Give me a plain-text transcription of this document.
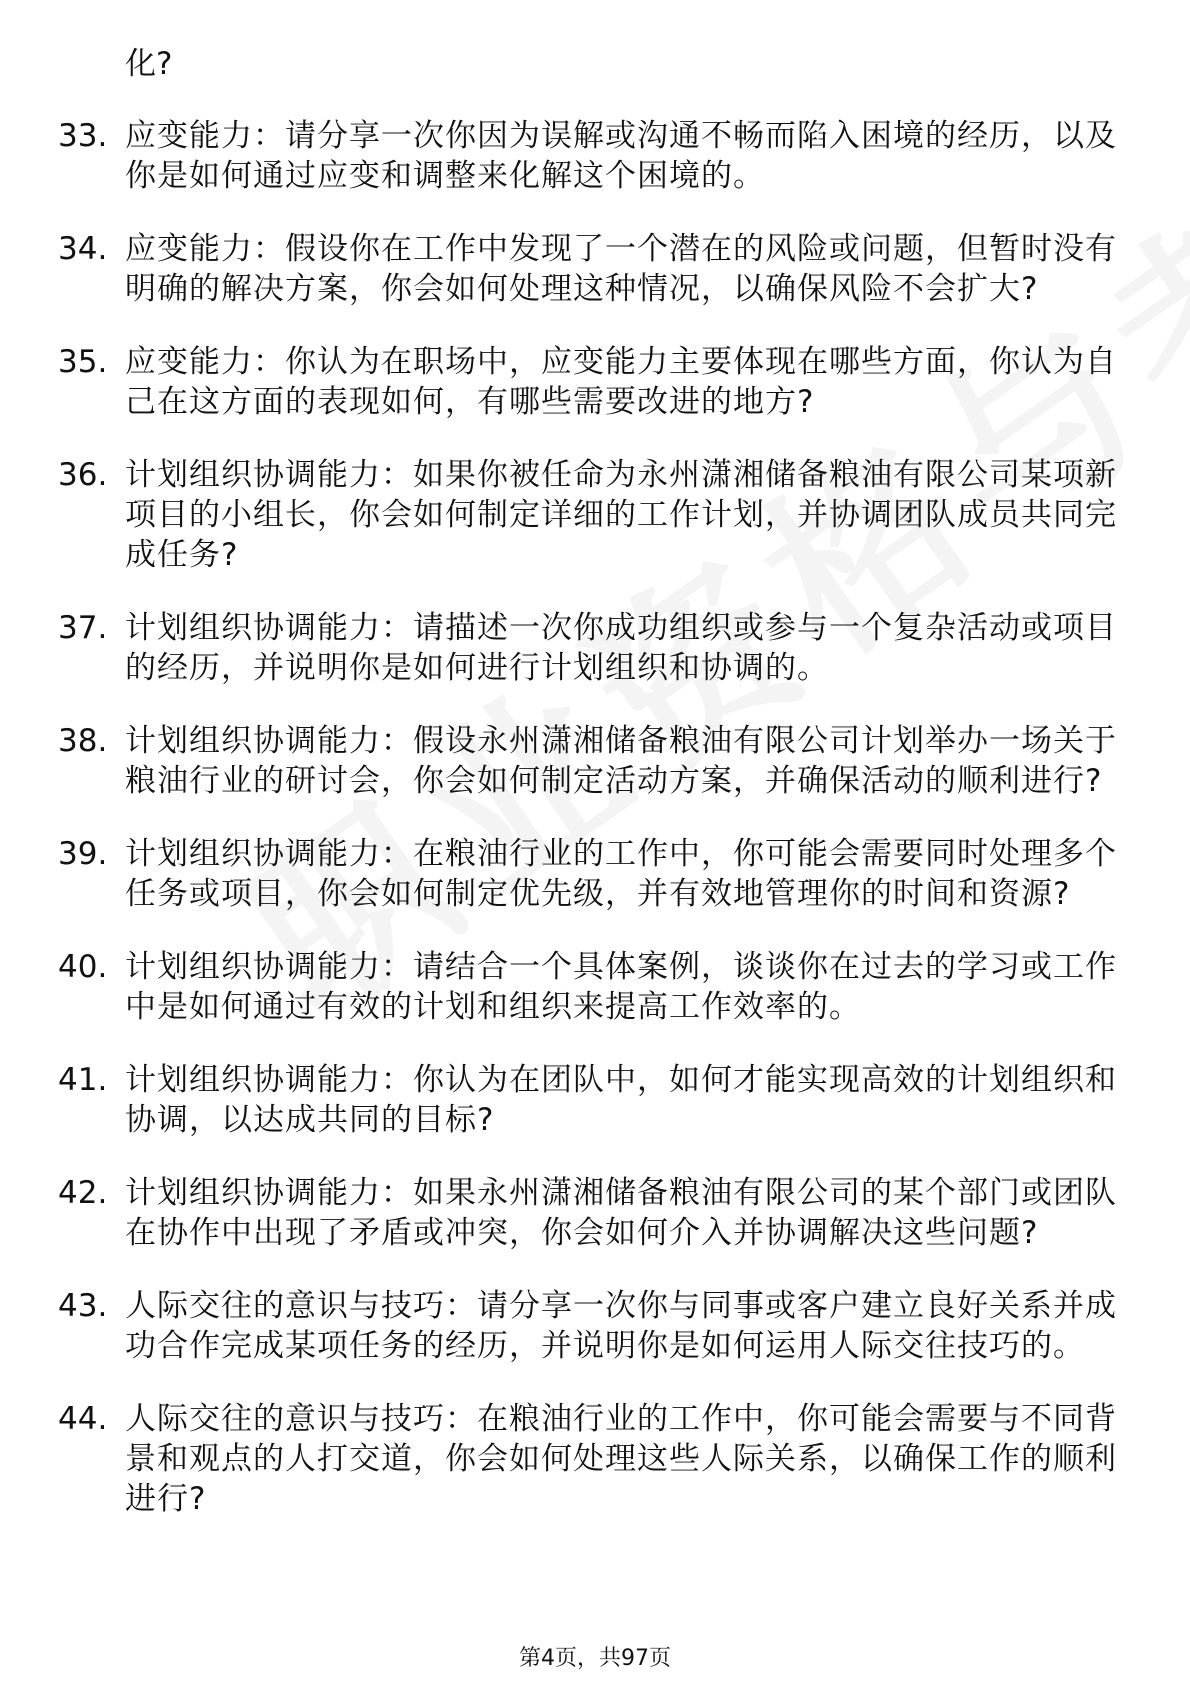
化?
33. 应变能力：请分享一次你因为误解或沟通不畅而陷入困境的经历，以及你是如何通过应变和调整来化解这个困境的。
34. 应变能力：假设你在工作中发现了一个潜在的风险或问题，但暂时没有明确的解决方案，你会如何处理这种情况，以确保风险不会扩大?
35. 应变能力：你认为在职场中，应变能力主要体现在哪些方面，你认为自己在这方面的表现如何，有哪些需要改进的地方?
36. 计划组织协调能力：如果你被任命为永州潇湘储备粮油有限公司某项新项目的小组长，你会如何制定详细的工作计划，并协调团队成员共同完成任务?
37. 计划组织协调能力：请描述一次你成功组织或参与一个复杂活动或项目的经历，并说明你是如何进行计划组织和协调的。
38. 计划组织协调能力：假设永州潇湘储备粮油有限公司计划举办一场关于粮油行业的研讨会，你会如何制定活动方案，并确保活动的顺利进行?
39. 计划组织协调能力：在粮油行业的工作中，你可能会需要同时处理多个任务或项目，你会如何制定优先级，并有效地管理你的时间和资源?
40. 计划组织协调能力：请结合一个具体案例，谈谈你在过去的学习或工作中是如何通过有效的计划和组织来提高工作效率的。
41. 计划组织协调能力：你认为在团队中，如何才能实现高效的计划组织和协调，以达成共同的目标?
42. 计划组织协调能力：如果永州潇湘储备粮油有限公司的某个部门或团队在协作中出现了矛盾或冲突，你会如何介入并协调解决这些问题?
43. 人际交往的意识与技巧：请分享一次你与同事或客户建立良好关系并成功合作完成某项任务的经历，并说明你是如何运用人际交往技巧的。
44. 人际交往的意识与技巧：在粮油行业的工作中，你可能会需要与不同背景和观点的人打交道，你会如何处理这些人际关系，以确保工作的顺利进行?
第4页，共97页
